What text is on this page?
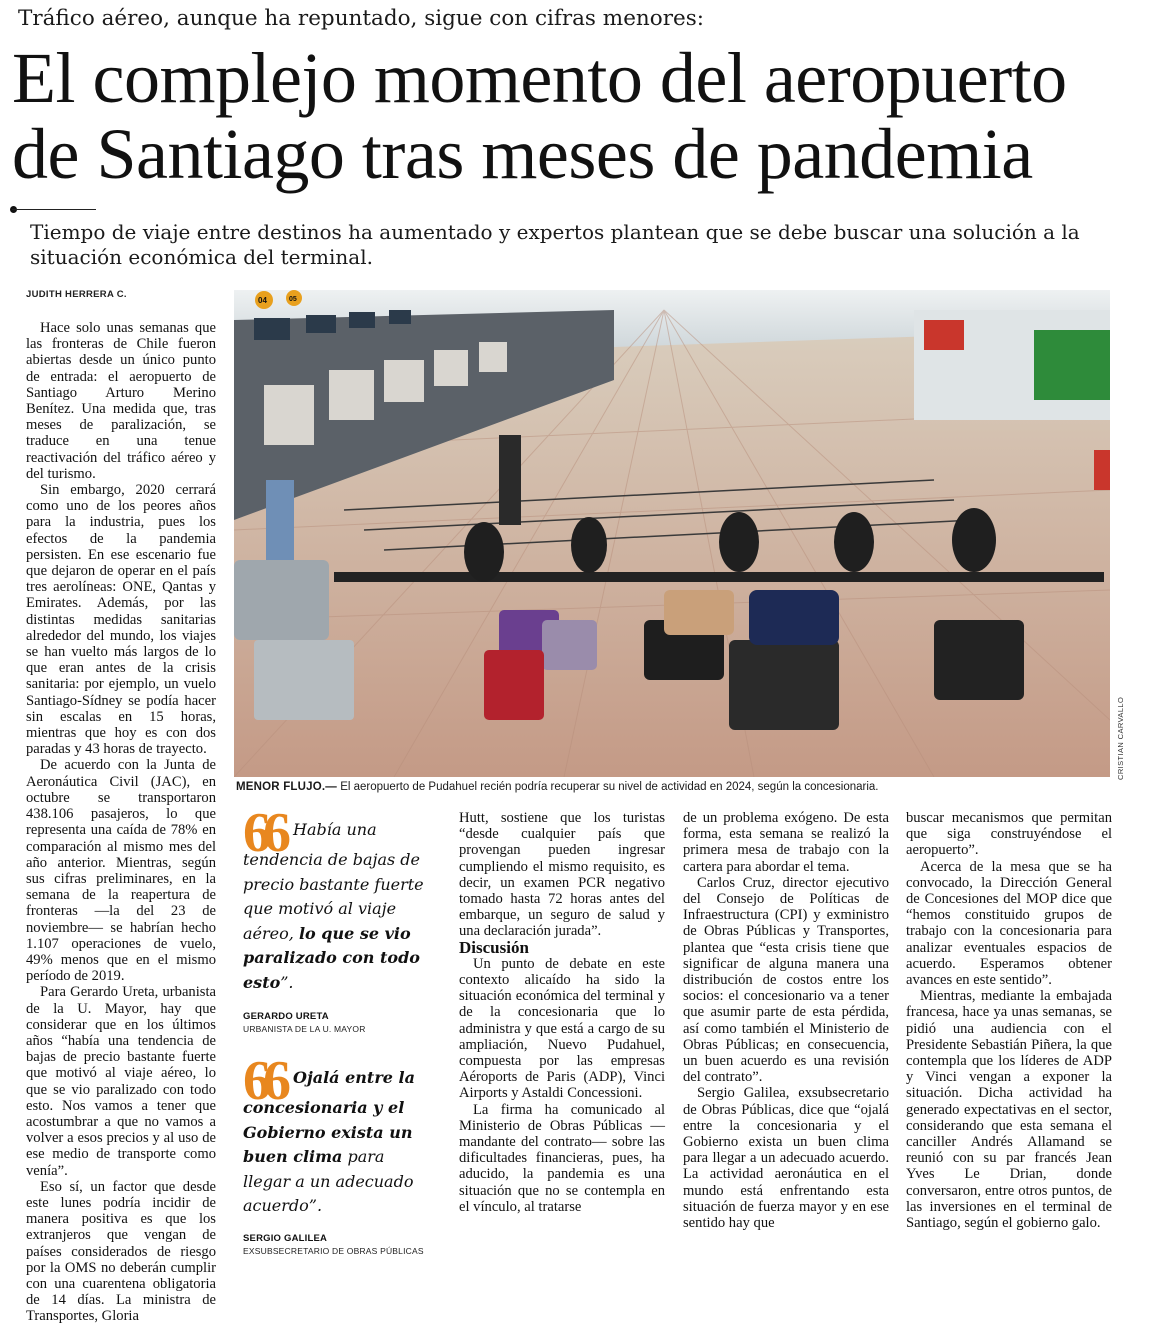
Tráfico aéreo, aunque ha repuntado, sigue con cifras menores:
El complejo momento del aeropuerto
de Santiago tras meses de pandemia
Tiempo de viaje entre destinos ha aumentado y expertos plantean que se debe buscar una solución a la situación económica del terminal.
JUDITH HERRERA C.

Hace solo unas semanas que las fronteras de Chile fueron abiertas desde un único punto de entrada: el aeropuerto de Santiago Arturo Merino Benítez. Una medida que, tras meses de paralización, se traduce en una tenue reactivación del tráfico aéreo y del turismo.

Sin embargo, 2020 cerrará como uno de los peores años para la industria, pues los efectos de la pandemia persisten. En ese escenario fue que dejaron de operar en el país tres aerolíneas: ONE, Qantas y Emirates. Además, por las distintas medidas sanitarias alrededor del mundo, los viajes se han vuelto más largos de lo que eran antes de la crisis sanitaria: por ejemplo, un vuelo Santiago-Sídney se podía hacer sin escalas en 15 horas, mientras que hoy es con dos paradas y 43 horas de trayecto.

De acuerdo con la Junta de Aeronáutica Civil (JAC), en octubre se transportaron 438.106 pasajeros, lo que representa una caída de 78% en comparación al mismo mes del año anterior. Mientras, según sus cifras preliminares, en la semana de la reapertura de fronteras —la del 23 de noviembre— se habrían hecho 1.107 operaciones de vuelo, 49% menos que en el mismo período de 2019.

Para Gerardo Ureta, urbanista de la U. Mayor, hay que considerar que en los últimos años “había una tendencia de bajas de precio bastante fuerte que motivó al viaje aéreo, lo que se vio paralizado con todo esto. Nos vamos a tener que acostumbrar a que no vamos a volver a esos precios y al uso de ese medio de transporte como venía”.

Eso sí, un factor que desde este lunes podría incidir de manera positiva es que los extranjeros que vengan de países considerados de riesgo por la OMS no deberán cumplir con una cuarentena obligatoria de 14 días. La ministra de Transportes, Gloria

04	05
CRISTIAN CARVALLO
MENOR FLUJO.— El aeropuerto de Pudahuel recién podría recuperar su nivel de actividad en 2024, según la concesionaria.
66 Había una tendencia de bajas de precio bastante fuerte que motivó al viaje aéreo, lo que se vio paralizado con todo esto”.
GERARDO URETA
URBANISTA DE LA U. MAYOR
66 Ojalá entre la concesionaria y el Gobierno exista un buen clima para llegar a un adecuado acuerdo”.
SERGIO GALILEA
EXSUBSECRETARIO DE OBRAS PÚBLICAS

Hutt, sostiene que los turistas “desde cualquier país que provengan pueden ingresar cumpliendo el mismo requisito, es decir, un examen PCR negativo tomado hasta 72 horas antes del embarque, un seguro de salud y una declaración jurada”.

Discusión

Un punto de debate en este contexto alicaído ha sido la situación económica del terminal y de la concesionaria que lo administra y que está a cargo de su ampliación, Nuevo Pudahuel, compuesta por las empresas Aéroports de Paris (ADP), Vinci Airports y Astaldi Concessioni.

La firma ha comunicado al Ministerio de Obras Públicas —mandante del contrato— sobre las dificultades financieras, pues, ha aducido, la pandemia es una situación que no se contempla en el vínculo, al tratarse

de un problema exógeno. De esta forma, esta semana se realizó la primera mesa de trabajo con la cartera para abordar el tema.

Carlos Cruz, director ejecutivo del Consejo de Políticas de Infraestructura (CPI) y exministro de Obras Públicas y Transportes, plantea que “esta crisis tiene que significar de alguna manera una distribución de costos entre los socios: el concesionario va a tener que asumir parte de esta pérdida, así como también el Ministerio de Obras Públicas; en consecuencia, un buen acuerdo es una revisión del contrato”.

Sergio Galilea, exsubsecretario de Obras Públicas, dice que “ojalá entre la concesionaria y el Gobierno exista un buen clima para llegar a un adecuado acuerdo. La actividad aeronáutica en el mundo está enfrentando esta situación de fuerza mayor y en ese sentido hay que

buscar mecanismos que permitan que siga construyéndose el aeropuerto”.

Acerca de la mesa que se ha convocado, la Dirección General de Concesiones del MOP dice que “hemos constituido grupos de trabajo con la concesionaria para analizar eventuales espacios de acuerdo. Esperamos obtener avances en este sentido”.

Mientras, mediante la embajada francesa, hace ya unas semanas, se pidió una audiencia con el Presidente Sebastián Piñera, la que contempla que los líderes de ADP y Vinci vengan a exponer la situación. Dicha actividad ha generado expectativas en el sector, considerando que esta semana el canciller Andrés Allamand se reunió con su par francés Jean Yves Le Drian, donde conversaron, entre otros puntos, de las inversiones en el terminal de Santiago, según el gobierno galo.
